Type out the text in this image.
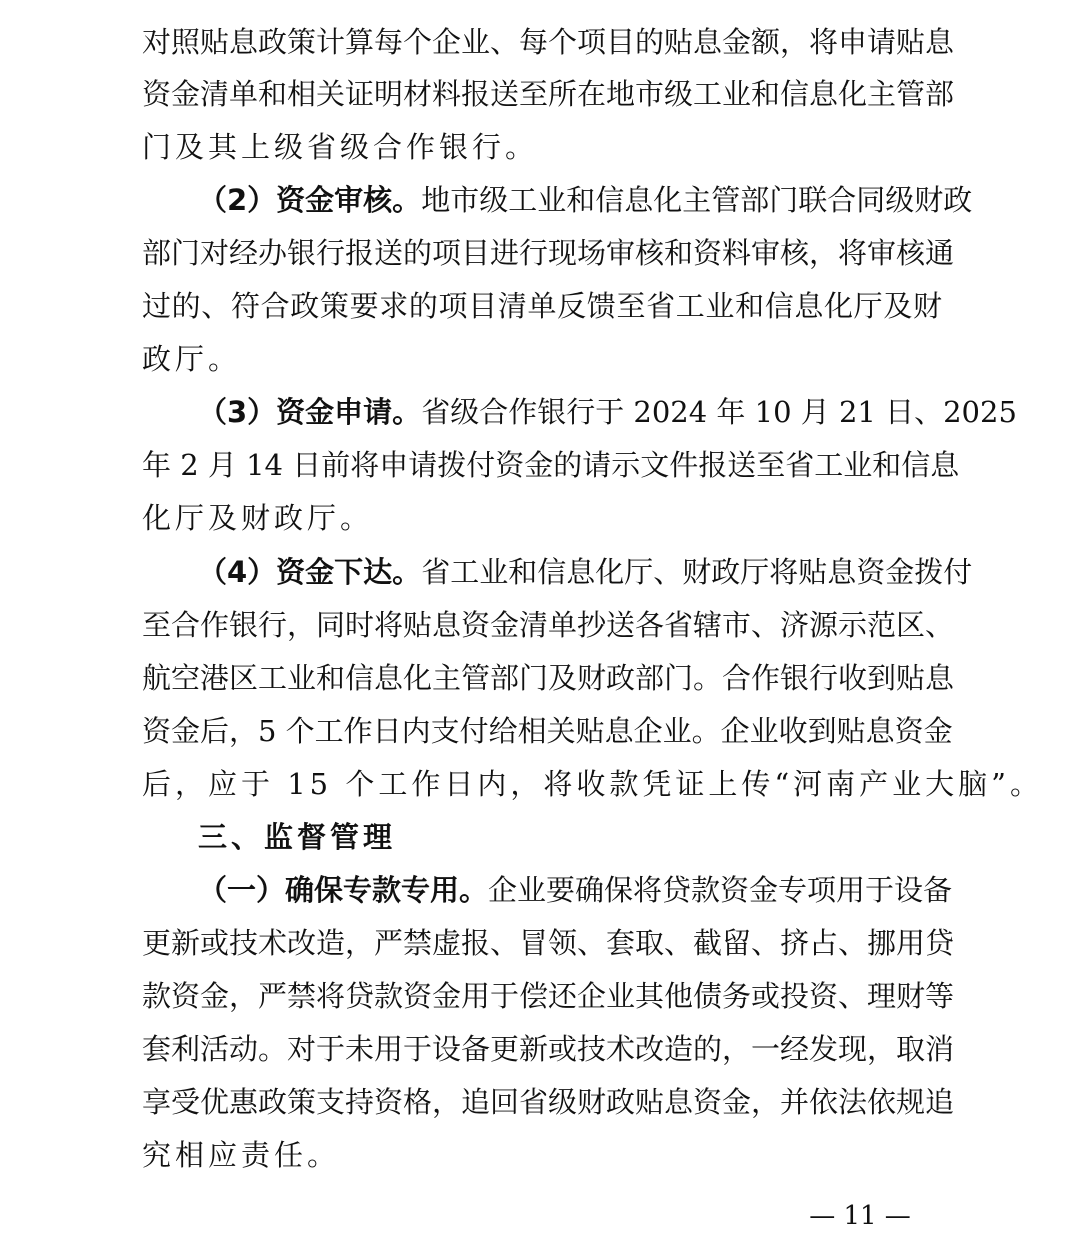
对照贴息政策计算每个企业、每个项目的贴息金额，将申请贴息
资金清单和相关证明材料报送至所在地市级工业和信息化主管部
门及其上级省级合作银行。
（2）资金审核。地市级工业和信息化主管部门联合同级财政
部门对经办银行报送的项目进行现场审核和资料审核，将审核通
过的、符合政策要求的项目清单反馈至省工业和信息化厅及财
政厅。
（3）资金申请。省级合作银行于 2024 年 10 月 21 日、2025
年 2 月 14 日前将申请拨付资金的请示文件报送至省工业和信息
化厅及财政厅。
（4）资金下达。省工业和信息化厅、财政厅将贴息资金拨付
至合作银行，同时将贴息资金清单抄送各省辖市、济源示范区、
航空港区工业和信息化主管部门及财政部门。合作银行收到贴息
资金后，5 个工作日内支付给相关贴息企业。企业收到贴息资金
后，应于 15 个工作日内，将收款凭证上传“河南产业大脑”。
三、监督管理
（一）确保专款专用。企业要确保将贷款资金专项用于设备
更新或技术改造，严禁虚报、冒领、套取、截留、挤占、挪用贷
款资金，严禁将贷款资金用于偿还企业其他债务或投资、理财等
套利活动。对于未用于设备更新或技术改造的，一经发现，取消
享受优惠政策支持资格，追回省级财政贴息资金，并依法依规追
究相应责任。
— 11 —
